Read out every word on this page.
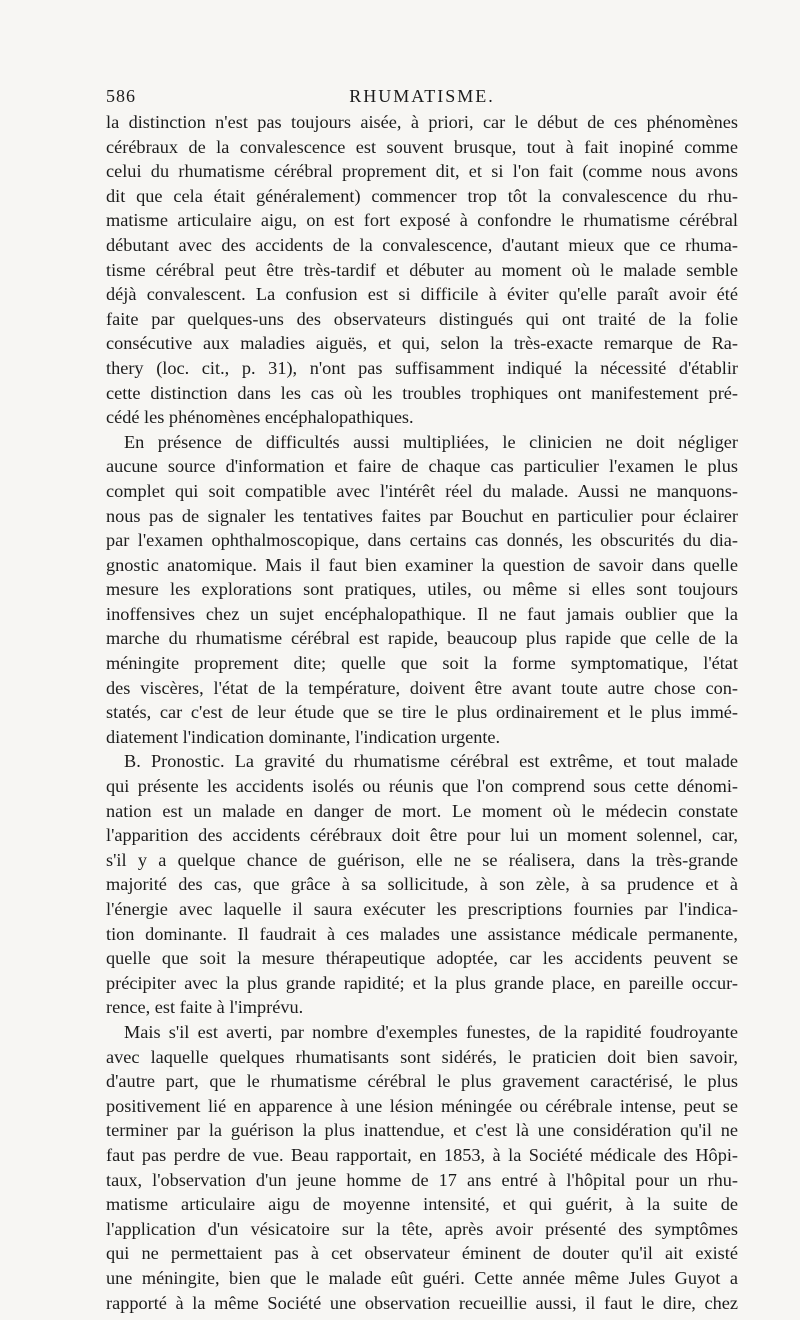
586	RHUMATISME.

la distinction n'est pas toujours aisée, à priori, car le début de ces phénomènes
cérébraux de la convalescence est souvent brusque, tout à fait inopiné comme
celui du rhumatisme cérébral proprement dit, et si l'on fait (comme nous avons
dit que cela était généralement) commencer trop tôt la convalescence du rhu-
matisme articulaire aigu, on est fort exposé à confondre le rhumatisme cérébral
débutant avec des accidents de la convalescence, d'autant mieux que ce rhuma-
tisme cérébral peut être très-tardif et débuter au moment où le malade semble
déjà convalescent. La confusion est si difficile à éviter qu'elle paraît avoir été
faite par quelques-uns des observateurs distingués qui ont traité de la folie
consécutive aux maladies aiguës, et qui, selon la très-exacte remarque de Ra-
thery (loc. cit., p. 31), n'ont pas suffisamment indiqué la nécessité d'établir
cette distinction dans les cas où les troubles trophiques ont manifestement pré-
cédé les phénomènes encéphalopathiques.

En présence de difficultés aussi multipliées, le clinicien ne doit négliger
aucune source d'information et faire de chaque cas particulier l'examen le plus
complet qui soit compatible avec l'intérêt réel du malade. Aussi ne manquons-
nous pas de signaler les tentatives faites par Bouchut en particulier pour éclairer
par l'examen ophthalmoscopique, dans certains cas donnés, les obscurités du dia-
gnostic anatomique. Mais il faut bien examiner la question de savoir dans quelle
mesure les explorations sont pratiques, utiles, ou même si elles sont toujours
inoffensives chez un sujet encéphalopathique. Il ne faut jamais oublier que la
marche du rhumatisme cérébral est rapide, beaucoup plus rapide que celle de la
méningite proprement dite; quelle que soit la forme symptomatique, l'état
des viscères, l'état de la température, doivent être avant toute autre chose con-
statés, car c'est de leur étude que se tire le plus ordinairement et le plus immé-
diatement l'indication dominante, l'indication urgente.

B. Pronostic. La gravité du rhumatisme cérébral est extrême, et tout malade
qui présente les accidents isolés ou réunis que l'on comprend sous cette dénomi-
nation est un malade en danger de mort. Le moment où le médecin constate
l'apparition des accidents cérébraux doit être pour lui un moment solennel, car,
s'il y a quelque chance de guérison, elle ne se réalisera, dans la très-grande
majorité des cas, que grâce à sa sollicitude, à son zèle, à sa prudence et à
l'énergie avec laquelle il saura exécuter les prescriptions fournies par l'indica-
tion dominante. Il faudrait à ces malades une assistance médicale permanente,
quelle que soit la mesure thérapeutique adoptée, car les accidents peuvent se
précipiter avec la plus grande rapidité; et la plus grande place, en pareille occur-
rence, est faite à l'imprévu.

Mais s'il est averti, par nombre d'exemples funestes, de la rapidité foudroyante
avec laquelle quelques rhumatisants sont sidérés, le praticien doit bien savoir,
d'autre part, que le rhumatisme cérébral le plus gravement caractérisé, le plus
positivement lié en apparence à une lésion méningée ou cérébrale intense, peut se
terminer par la guérison la plus inattendue, et c'est là une considération qu'il ne
faut pas perdre de vue. Beau rapportait, en 1853, à la Société médicale des Hôpi-
taux, l'observation d'un jeune homme de 17 ans entré à l'hôpital pour un rhu-
matisme articulaire aigu de moyenne intensité, et qui guérit, à la suite de
l'application d'un vésicatoire sur la tête, après avoir présenté des symptômes
qui ne permettaient pas à cet observateur éminent de douter qu'il ait existé
une méningite, bien que le malade eût guéri. Cette année même Jules Guyot a
rapporté à la même Société une observation recueillie aussi, il faut le dire, chez
